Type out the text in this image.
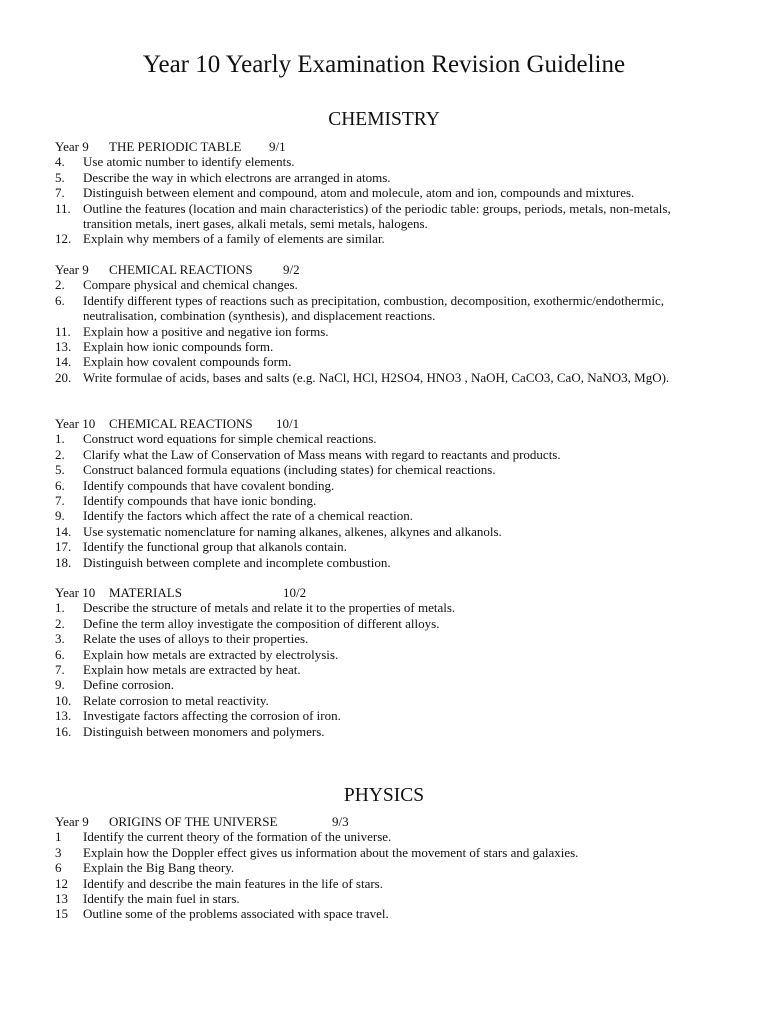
Year 10 Yearly Examination Revision Guideline
CHEMISTRY
Year 9 THE PERIODIC TABLE 9/1
4. Use atomic number to identify elements.
5. Describe the way in which electrons are arranged in atoms.
7. Distinguish between element and compound, atom and molecule, atom and ion, compounds and mixtures.
11. Outline the features (location and main characteristics) of the periodic table: groups, periods, metals, non-metals, transition metals, inert gases, alkali metals, semi metals, halogens.
12. Explain why members of a family of elements are similar.
Year 9 CHEMICAL REACTIONS 9/2
2. Compare physical and chemical changes.
6. Identify different types of reactions such as precipitation, combustion, decomposition, exothermic/endothermic, neutralisation, combination (synthesis), and displacement reactions.
11. Explain how a positive and negative ion forms.
13. Explain how ionic compounds form.
14. Explain how covalent compounds form.
20. Write formulae of acids, bases and salts (e.g. NaCl, HCl, H2SO4, HNO3 , NaOH, CaCO3, CaO, NaNO3, MgO).
Year 10 CHEMICAL REACTIONS 10/1
1. Construct word equations for simple chemical reactions.
2. Clarify what the Law of Conservation of Mass means with regard to reactants and products.
5. Construct balanced formula equations (including states) for chemical reactions.
6. Identify compounds that have covalent bonding.
7. Identify compounds that have ionic bonding.
9. Identify the factors which affect the rate of a chemical reaction.
14. Use systematic nomenclature for naming alkanes, alkenes, alkynes and alkanols.
17. Identify the functional group that alkanols contain.
18. Distinguish between complete and incomplete combustion.
Year 10 MATERIALS	10/2
1. Describe the structure of metals and relate it to the properties of metals.
2. Define the term alloy investigate the composition of different alloys.
3. Relate the uses of alloys to their properties.
6. Explain how metals are extracted by electrolysis.
7. Explain how metals are extracted by heat.
9. Define corrosion.
10. Relate corrosion to metal reactivity.
13. Investigate factors affecting the corrosion of iron.
16. Distinguish between monomers and polymers.
PHYSICS
Year 9 ORIGINS OF THE UNIVERSE	9/3
1 Identify the current theory of the formation of the universe.
3 Explain how the Doppler effect gives us information about the movement of stars and galaxies.
6 Explain the Big Bang theory.
12 Identify and describe the main features in the life of stars.
13 Identify the main fuel in stars.
15 Outline some of the problems associated with space travel.
